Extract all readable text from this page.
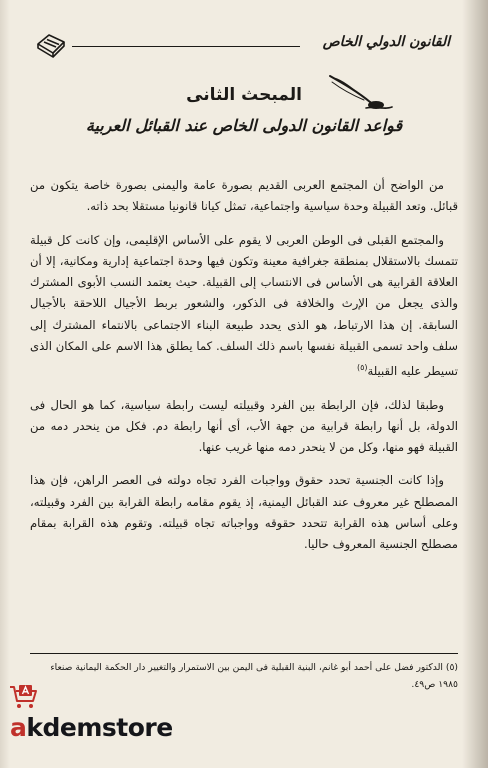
القانون الدولي الخاص
المبحث الثانى
قواعد القانون الدولى الخاص عند القبائل العربية

من الواضح أن المجتمع العربى القديم بصورة عامة واليمنى بصورة خاصة يتكون من قبائل. وتعد القبيلة وحدة سياسية واجتماعية، تمثل كيانا قانونيا مستقلا بحد ذاته.

والمجتمع القبلى فى الوطن العربى لا يقوم على الأساس الإقليمى، وإن كانت كل قبيلة تتمسك بالاستقلال بمنطقة جغرافية معينة وتكون فيها وحدة اجتماعية إدارية ومكانية، إلا أن العلاقة القرابية هى الأساس فى الانتساب إلى القبيلة. حيث يعتمد النسب الأبوى المشترك والذى يجعل من الإرث والخلافة فى الذكور، والشعور بربط الأجيال اللاحقة بالأجيال السابقة. إن هذا الارتباط، هو الذى يحدد طبيعة البناء الاجتماعى بالانتماء المشترك إلى سلف واحد تسمى القبيلة نفسها باسم ذلك السلف. كما يطلق هذا الاسم على المكان الذى تسيطر عليه القبيلة$^{(٥)}$

وطبقا لذلك، فإن الرابطة بين الفرد وقبيلته ليست رابطة سياسية، كما هو الحال فى الدولة، بل أنها رابطة قرابية من جهة الأب، أى أنها رابطة دم. فكل من ينحدر دمه من القبيلة فهو منها، وكل من لا ينحدر دمه منها غريب عنها.

وإذا كانت الجنسية تحدد حقوق وواجبات الفرد تجاه دولته فى العصر الراهن، فإن هذا المصطلح غير معروف عند القبائل اليمنية، إذ يقوم مقامه رابطة القرابة بين الفرد وقبيلته، وعلى أساس هذه القرابة تتحدد حقوقه وواجباته تجاه قبيلته. وتقوم هذه القرابة بمقام مصطلح الجنسية المعروف حاليا.

(٥) الدكتور فضل على أحمد أبو غانم، البنية القبلية فى اليمن بين الاستمرار والتغيير دار الحكمة اليمانية صنعاء ١٩٨٥ ص٤٩.
akdemstore
